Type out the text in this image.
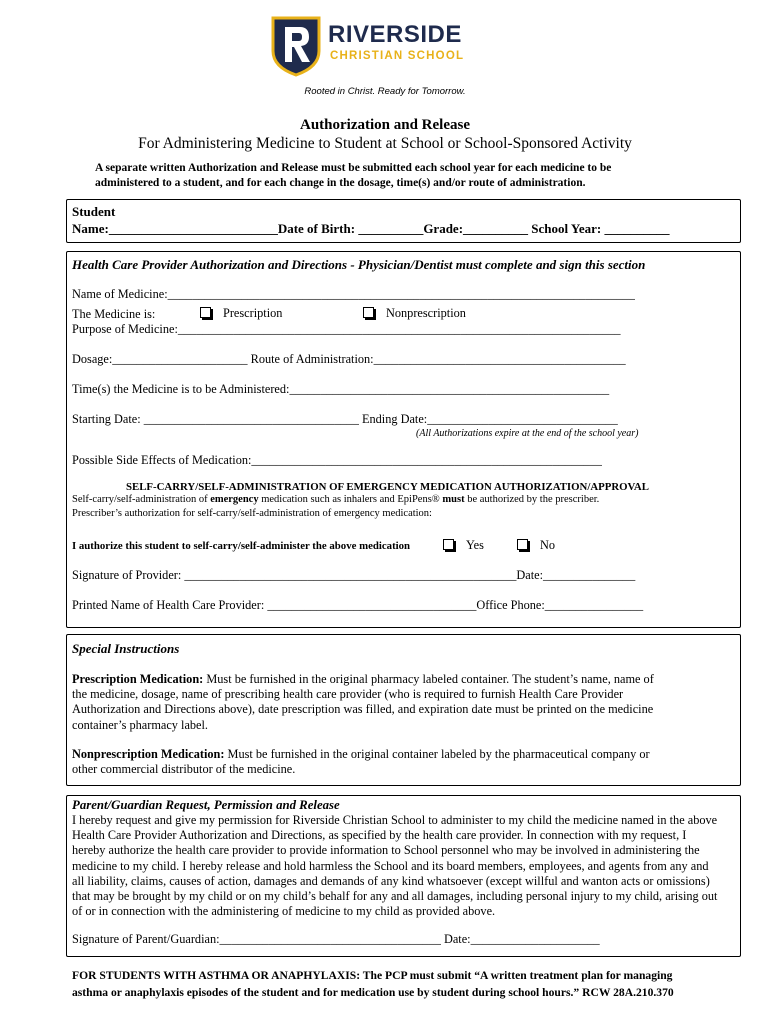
RIVERSIDE
CHRISTIAN SCHOOL
Rooted in Christ. Ready for Tomorrow.
Authorization and Release
For Administering Medicine to Student at School or School-Sponsored Activity
A separate written Authorization and Release must be submitted each school year for each medicine to be
administered to a student, and for each change in the dosage, time(s) and/or route of administration.
Student
Name:__________________________Date of Birth: __________Grade:__________ School Year: __________
Health Care Provider Authorization and Directions - Physician/Dentist must complete and sign this section
Name of Medicine:____________________________________________________________________________
The Medicine is:	Prescription	Nonprescription
Purpose of Medicine:________________________________________________________________________
Dosage:______________________ Route of Administration:_________________________________________
Time(s) the Medicine is to be Administered:____________________________________________________
Starting Date: ___________________________________ Ending Date:_______________________________
(All Authorizations expire at the end of the school year)
Possible Side Effects of Medication:_________________________________________________________
SELF-CARRY/SELF-ADMINISTRATION OF EMERGENCY MEDICATION AUTHORIZATION/APPROVAL
Self-carry/self-administration of emergency medication such as inhalers and EpiPens® must be authorized by the prescriber.
Prescriber’s authorization for self-carry/self-administration of emergency medication:
I authorize this student to self-carry/self-administer the above medication	Yes	No
Signature of Provider: ______________________________________________________Date:_______________
Printed Name of Health Care Provider: __________________________________Office Phone:________________
Special Instructions
Prescription Medication: Must be furnished in the original pharmacy labeled container. The student’s name, name of
the medicine, dosage, name of prescribing health care provider (who is required to furnish Health Care Provider
Authorization and Directions above), date prescription was filled, and expiration date must be printed on the medicine
container’s pharmacy label.
Nonprescription Medication: Must be furnished in the original container labeled by the pharmaceutical company or
other commercial distributor of the medicine.
Parent/Guardian Request, Permission and Release
I hereby request and give my permission for Riverside Christian School to administer to my child the medicine named in the above
Health Care Provider Authorization and Directions, as specified by the health care provider. In connection with my request, I
hereby authorize the health care provider to provide information to School personnel who may be involved in administering the
medicine to my child. I hereby release and hold harmless the School and its board members, employees, and agents from any and
all liability, claims, causes of action, damages and demands of any kind whatsoever (except willful and wanton acts or omissions)
that may be brought by my child or on my child’s behalf for any and all damages, including personal injury to my child, arising out
of or in connection with the administering of medicine to my child as provided above.
Signature of Parent/Guardian:____________________________________ Date:_____________________
FOR STUDENTS WITH ASTHMA OR ANAPHYLAXIS: The PCP must submit “A written treatment plan for managing
asthma or anaphylaxis episodes of the student and for medication use by student during school hours.” RCW 28A.210.370
